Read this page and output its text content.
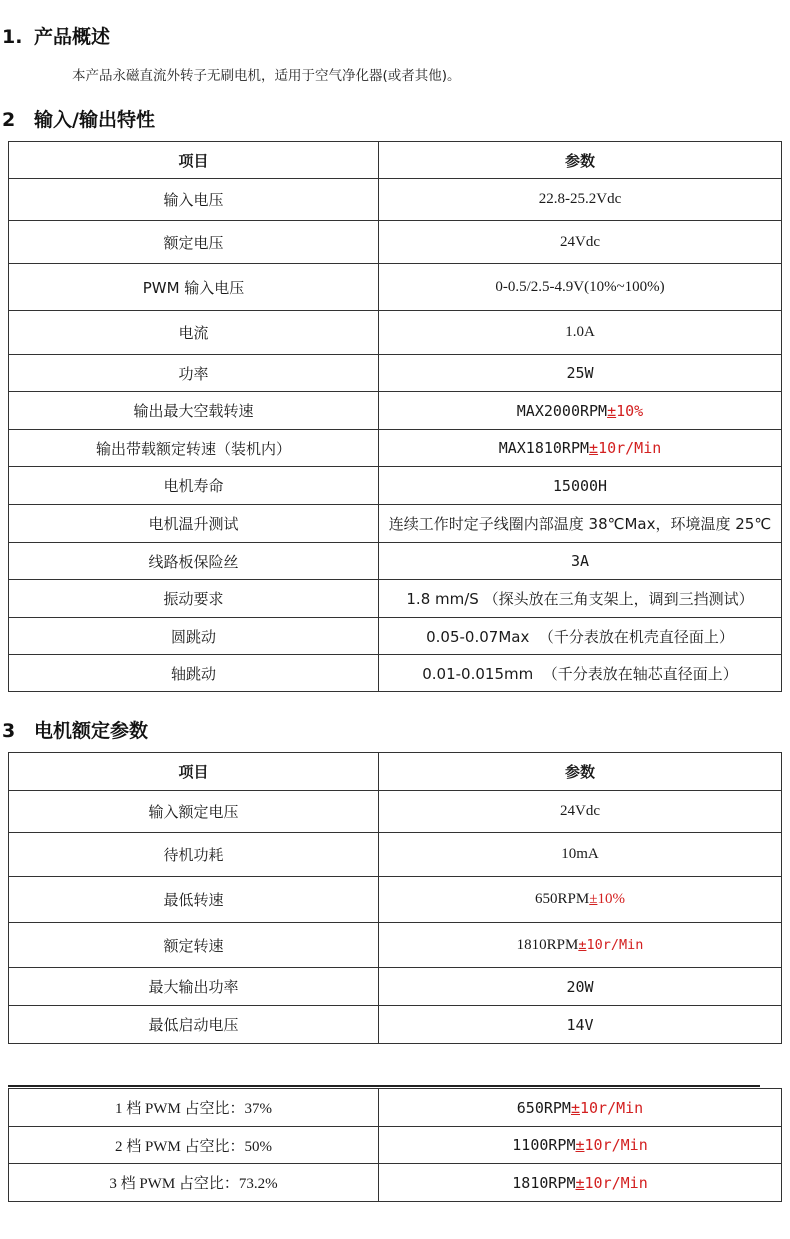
1. 产品概述
本产品永磁直流外转子无刷电机，适用于空气净化器(或者其他)。
2 输入/输出特性
项目	参数
输入电压	22.8-25.2Vdc
额定电压	24Vdc
PWM 输入电压	0-0.5/2.5-4.9V(10%~100%)
电流	1.0A
功率	25W
输出最大空载转速	MAX2000RPM±10%
输出带载额定转速（装机内）	MAX1810RPM±10r/Min
电机寿命	15000H
电机温升测试	连续工作时定子线圈内部温度 38℃Max，环境温度 25℃
线路板保险丝	3A
振动要求	1.8 mm/S （探头放在三角支架上，调到三挡测试）
圆跳动	0.05-0.07Max  （千分表放在机壳直径面上）
轴跳动	0.01-0.015mm  （千分表放在轴芯直径面上）
3 电机额定参数
项目	参数
输入额定电压	24Vdc
待机功耗	10mA
最低转速	650RPM±10%
额定转速	1810RPM±10r/Min
最大输出功率	20W
最低启动电压	14V
1 档 PWM 占空比：37%	650RPM±10r/Min
2 档 PWM 占空比：50%	1100RPM±10r/Min
3 档 PWM 占空比：73.2%	1810RPM±10r/Min
